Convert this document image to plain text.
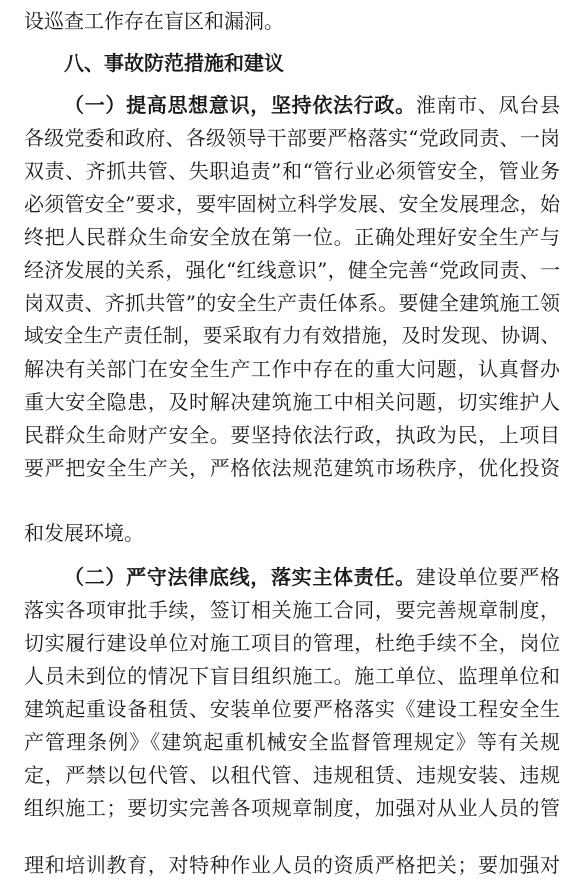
设巡查工作存在盲区和漏洞。
八、事故防范措施和建议
（一）提高思想意识，坚持依法行政。淮南市、凤台县
各级党委和政府、各级领导干部要严格落实“党政同责、一岗
双责、齐抓共管、失职追责”和“管行业必须管安全，管业务
必须管安全”要求，要牢固树立科学发展、安全发展理念，始
终把人民群众生命安全放在第一位。正确处理好安全生产与
经济发展的关系，强化“红线意识”，健全完善“党政同责、一
岗双责、齐抓共管”的安全生产责任体系。要健全建筑施工领
域安全生产责任制，要采取有力有效措施，及时发现、协调、
解决有关部门在安全生产工作中存在的重大问题，认真督办
重大安全隐患，及时解决建筑施工中相关问题，切实维护人
民群众生命财产安全。要坚持依法行政，执政为民，上项目
要严把安全生产关，严格依法规范建筑市场秩序，优化投资
和发展环境。
（二）严守法律底线，落实主体责任。建设单位要严格
落实各项审批手续，签订相关施工合同，要完善规章制度，
切实履行建设单位对施工项目的管理，杜绝手续不全，岗位
人员未到位的情况下盲目组织施工。施工单位、监理单位和
建筑起重设备租赁、安装单位要严格落实《建设工程安全生
产管理条例》《建筑起重机械安全监督管理规定》等有关规
定，严禁以包代管、以租代管、违规租赁、违规安装、违规
组织施工；要切实完善各项规章制度，加强对从业人员的管
理和培训教育，对特种作业人员的资质严格把关；要加强对
